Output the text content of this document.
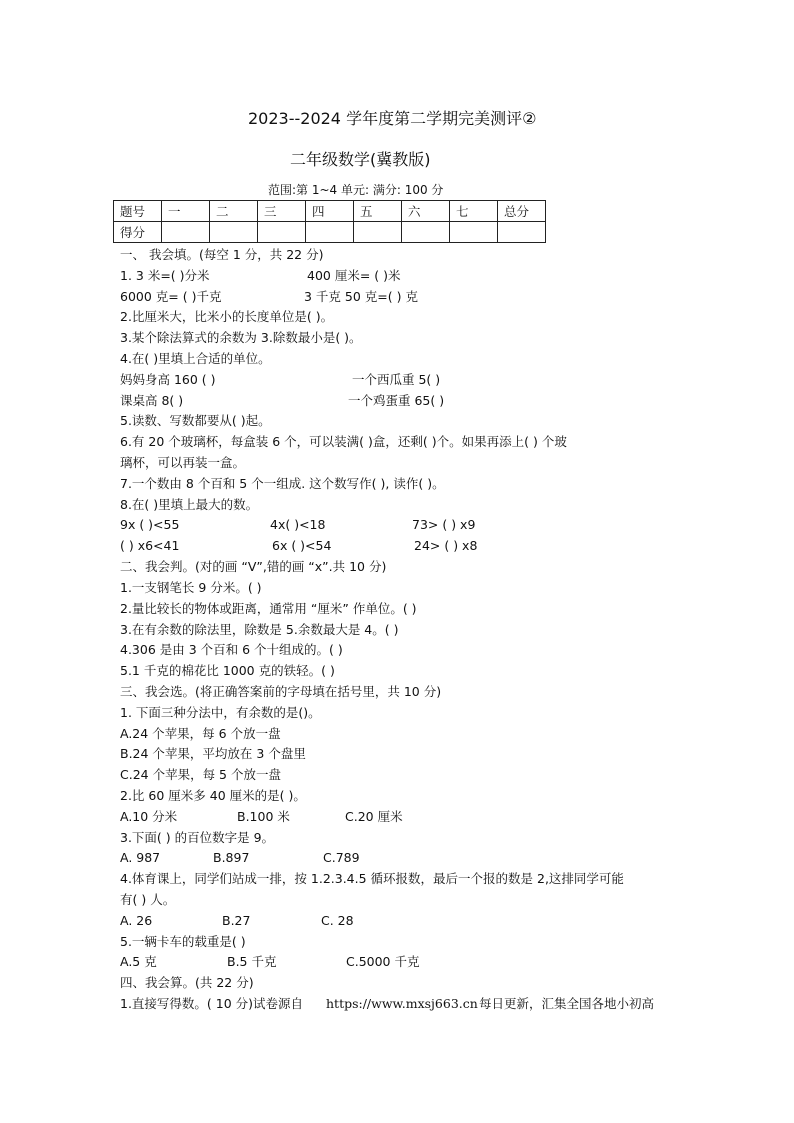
2023--2024 学年度第二学期完美测评②
二年级数学(冀教版)
范围:第 1~4 单元: 满分: 100 分
题号	一	二	三	四	五	六	七	总分
得分								
一、 我会填。(每空 1 分，共 22 分)
1. 3 米=( )分米	400 厘米= ( )米
6000 克= ( )千克	3 千克 50 克=( ) 克
2.比厘米大，比米小的长度单位是( )。
3.某个除法算式的余数为 3.除数最小是( )。
4.在( )里填上合适的单位。
妈妈身高 160 ( )	一个西瓜重 5( )
课桌高 8( )	一个鸡蛋重 65( )
5.读数、写数都要从( )起。
6.有 20 个玻璃杯，每盒装 6 个，可以装满( )盒，还剩( )个。如果再添上( ) 个玻
璃杯，可以再装一盒。
7.一个数由 8 个百和 5 个一组成. 这个数写作( ), 读作( )。
8.在( )里填上最大的数。
9x ( )<55	4x( )<18	73> ( ) x9
( ) x6<41	6x ( )<54	24> ( ) x8
二、我会判。(对的画 “V”,错的画 “x”.共 10 分)
1.一支钢笔长 9 分米。( )
2.量比较长的物体或距离，通常用 “厘米” 作单位。( )
3.在有余数的除法里，除数是 5.余数最大是 4。( )
4.306 是由 3 个百和 6 个十组成的。( )
5.1 千克的棉花比 1000 克的铁轻。( )
三、我会选。(将正确答案前的字母填在括号里，共 10 分)
1. 下面三种分法中，有余数的是()。
A.24 个苹果，每 6 个放一盘
B.24 个苹果，平均放在 3 个盘里
C.24 个苹果，每 5 个放一盘
2.比 60 厘米多 40 厘米的是( )。
A.10 分米	B.100 米	C.20 厘米
3.下面( ) 的百位数字是 9。
A. 987	B.897	C.789
4.体育课上，同学们站成一排，按 1.2.3.4.5 循环报数，最后一个报的数是 2,这排同学可能
有( ) 人。
A. 26	B.27	C. 28
5.一辆卡车的载重是( )
A.5 克	B.5 千克	C.5000 千克
四、我会算。(共 22 分)
1.直接写得数。( 10 分)试卷源自 https://www.mxsj663.cn 每日更新，汇集全国各地小初高
